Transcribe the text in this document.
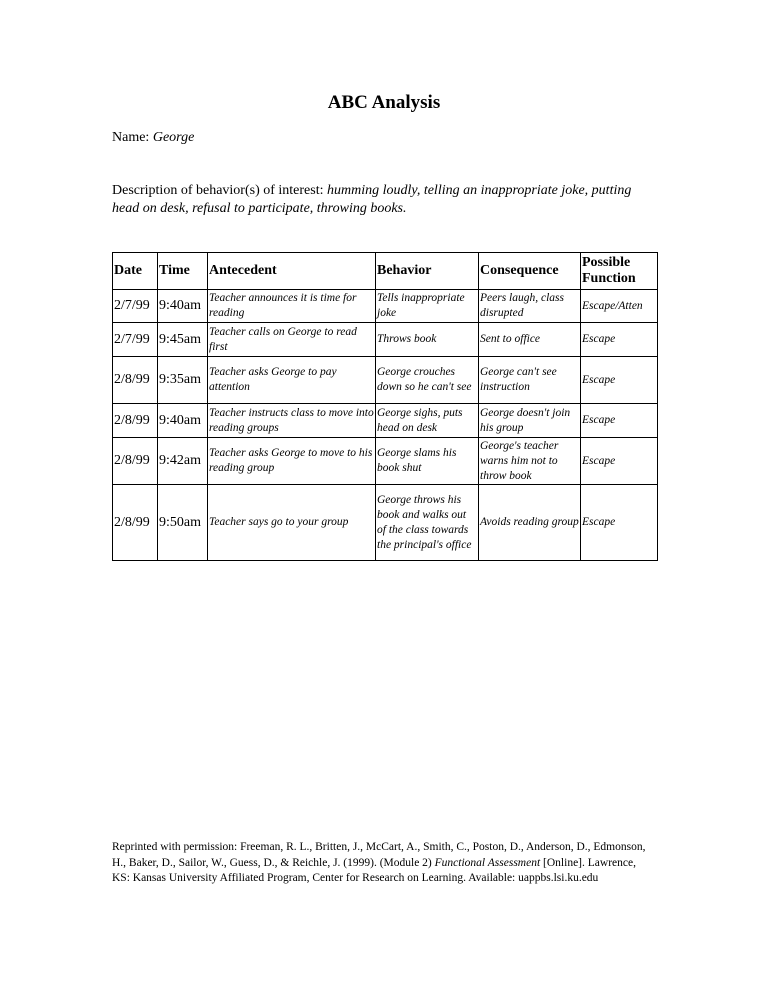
ABC Analysis
Name: George
Description of behavior(s) of interest: humming loudly, telling an inappropriate joke, putting head on desk, refusal to participate, throwing books.
Date	Time	Antecedent	Behavior	Consequence	Possible Function
2/7/99	9:40am	Teacher announces it is time for reading	Tells inappropriate joke	Peers laugh, class disrupted	Escape/Atten
2/7/99	9:45am	Teacher calls on George to read first	Throws book	Sent to office	Escape
2/8/99	9:35am	Teacher asks George to pay attention	George crouches down so he can't see	George can't see instruction	Escape
2/8/99	9:40am	Teacher instructs class to move into reading groups	George sighs, puts head on desk	George doesn't join his group	Escape
2/8/99	9:42am	Teacher asks George to move to his reading group	George slams his book shut	George's teacher warns him not to throw book	Escape
2/8/99	9:50am	Teacher says go to your group	George throws his book and walks out of the class towards the principal's office	Avoids reading group	Escape
Reprinted with permission: Freeman, R. L., Britten, J., McCart, A., Smith, C., Poston, D., Anderson, D., Edmonson, H., Baker, D., Sailor, W., Guess, D., & Reichle, J. (1999). (Module 2) Functional Assessment [Online]. Lawrence, KS: Kansas University Affiliated Program, Center for Research on Learning. Available: uappbs.lsi.ku.edu
